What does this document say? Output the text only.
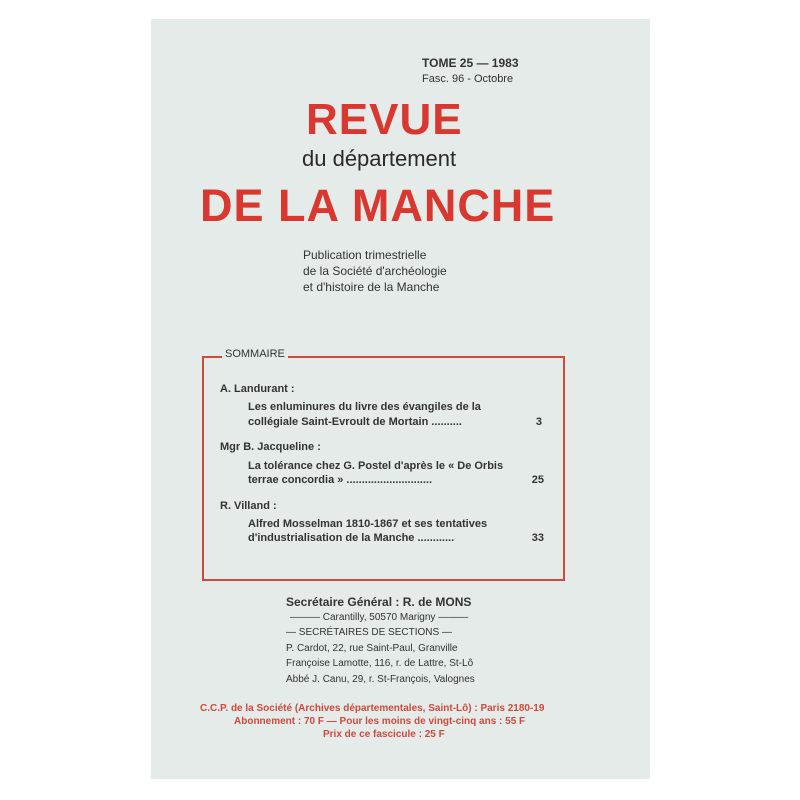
TOME 25 — 1983
Fasc. 96 - Octobre
REVUE
du département
DE LA MANCHE
Publication trimestrielle
de la Société d'archéologie
et d'histoire de la Manche
SOMMAIRE
A. Landurant :
Les enluminures du livre des évangiles de la
collégiale Saint-Evroult de Mortain ..........	3
Mgr B. Jacqueline :
La tolérance chez G. Postel d'après le « De Orbis
terrae concordia » ............................	25
R. Villand :
Alfred Mosselman 1810-1867 et ses tentatives
d'industrialisation de la Manche ............	33
Secrétaire Général : R. de MONS
——— Carantilly, 50570 Marigny ———
— SECRÉTAIRES DE SECTIONS —
P. Cardot, 22, rue Saint-Paul, Granville
Françoise Lamotte, 116, r. de Lattre, St-Lô
Abbé J. Canu, 29, r. St-François, Valognes
C.C.P. de la Société (Archives départementales, Saint-Lô) : Paris 2180-19
Abonnement : 70 F — Pour les moins de vingt-cinq ans : 55 F
Prix de ce fascicule : 25 F
